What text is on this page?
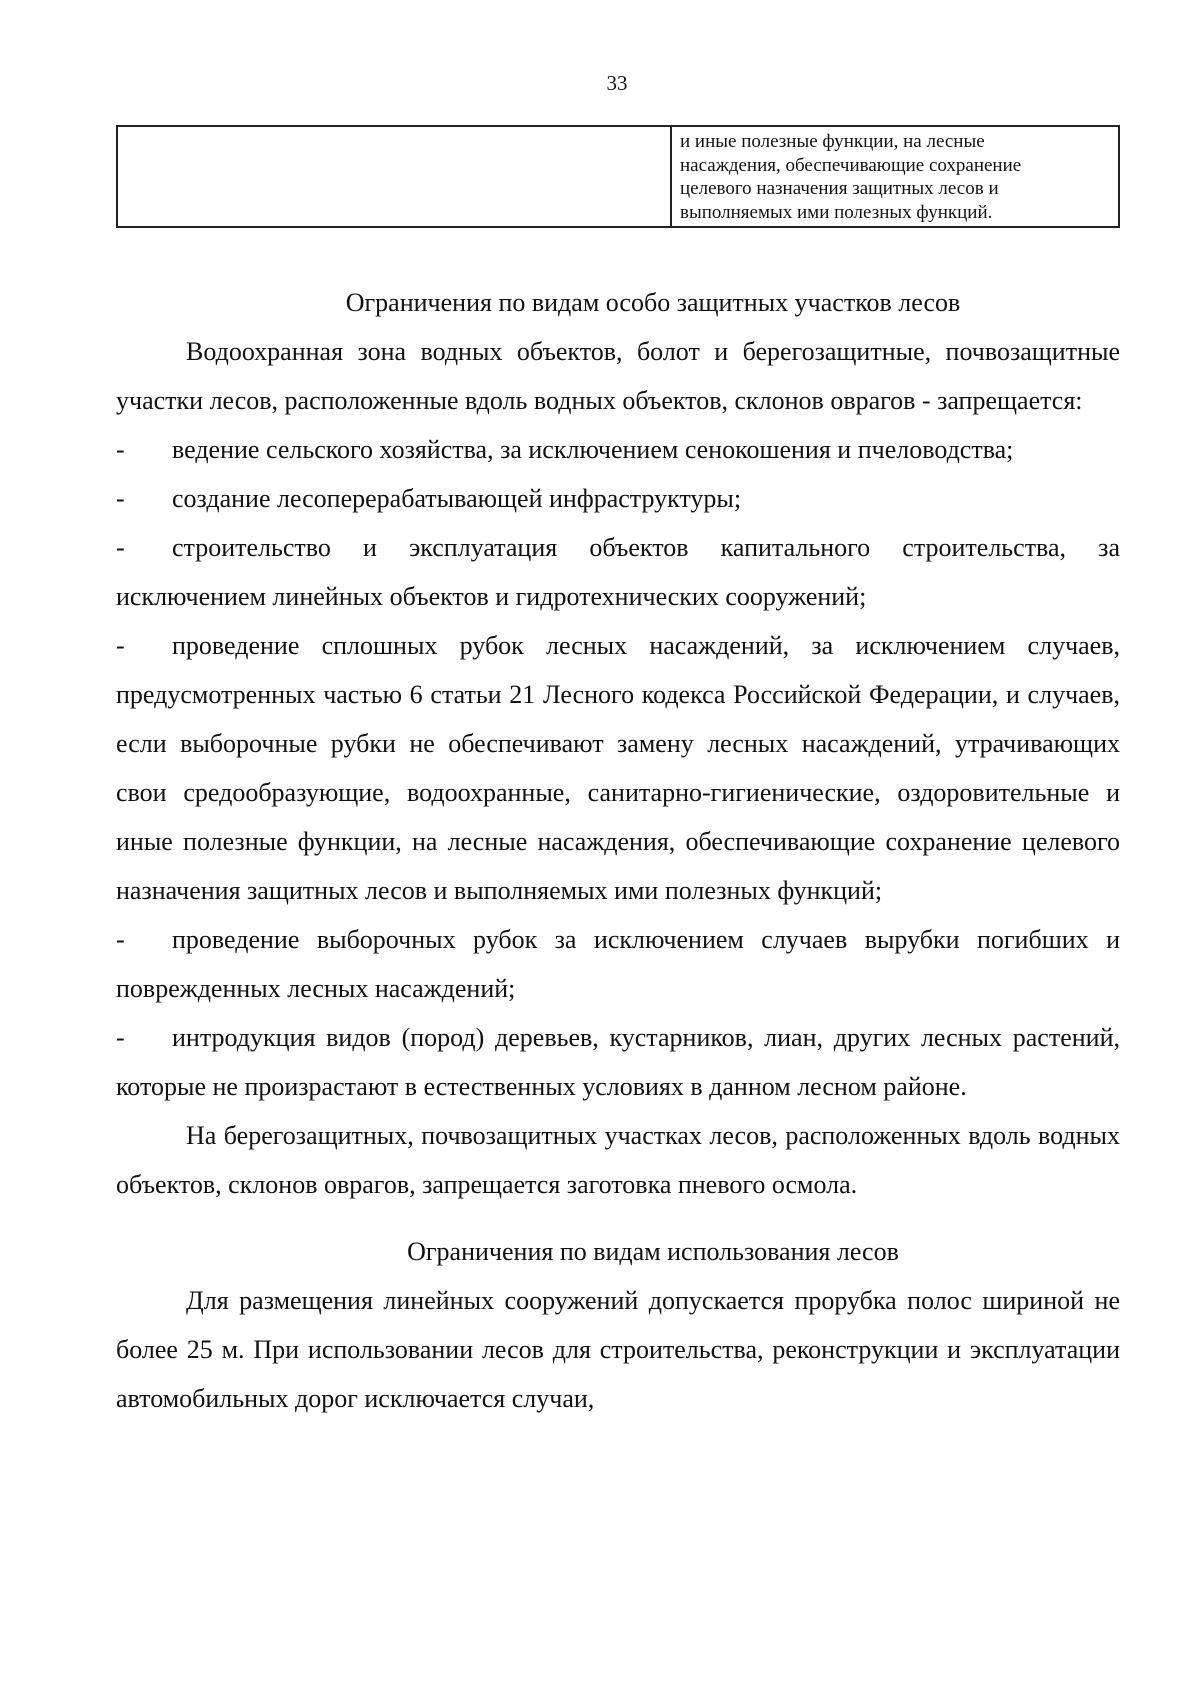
33
и иные полезные функции, на лесные
насаждения, обеспечивающие сохранение
целевого назначения защитных лесов и
выполняемых ими полезных функций.

Ограничения по видам особо защитных участков лесов

Водоохранная зона водных объектов, болот и берегозащитные, почвозащитные участки лесов, расположенные вдоль водных объектов, склонов оврагов - запрещается:

- ведение сельского хозяйства, за исключением сенокошения и пчеловодства;

- создание лесоперерабатывающей инфраструктуры;

- строительство и эксплуатация объектов капитального строительства, за исключением линейных объектов и гидротехнических сооружений;

- проведение сплошных рубок лесных насаждений, за исключением случаев, предусмотренных частью 6 статьи 21 Лесного кодекса Российской Федерации, и случаев, если выборочные рубки не обеспечивают замену лесных насаждений, утрачивающих свои средообразующие, водоохранные, санитарно-гигиенические, оздоровительные и иные полезные функции, на лесные насаждения, обеспечивающие сохранение целевого назначения защитных лесов и выполняемых ими полезных функций;

- проведение выборочных рубок за исключением случаев вырубки погибших и поврежденных лесных насаждений;

- интродукция видов (пород) деревьев, кустарников, лиан, других лесных растений, которые не произрастают в естественных условиях в данном лесном районе.

На берегозащитных, почвозащитных участках лесов, расположенных вдоль водных объектов, склонов оврагов, запрещается заготовка пневого осмола.

Ограничения по видам использования лесов

Для размещения линейных сооружений допускается прорубка полос шириной не более 25 м. При использовании лесов для строительства, реконструкции и эксплуатации автомобильных дорог исключается случаи,
